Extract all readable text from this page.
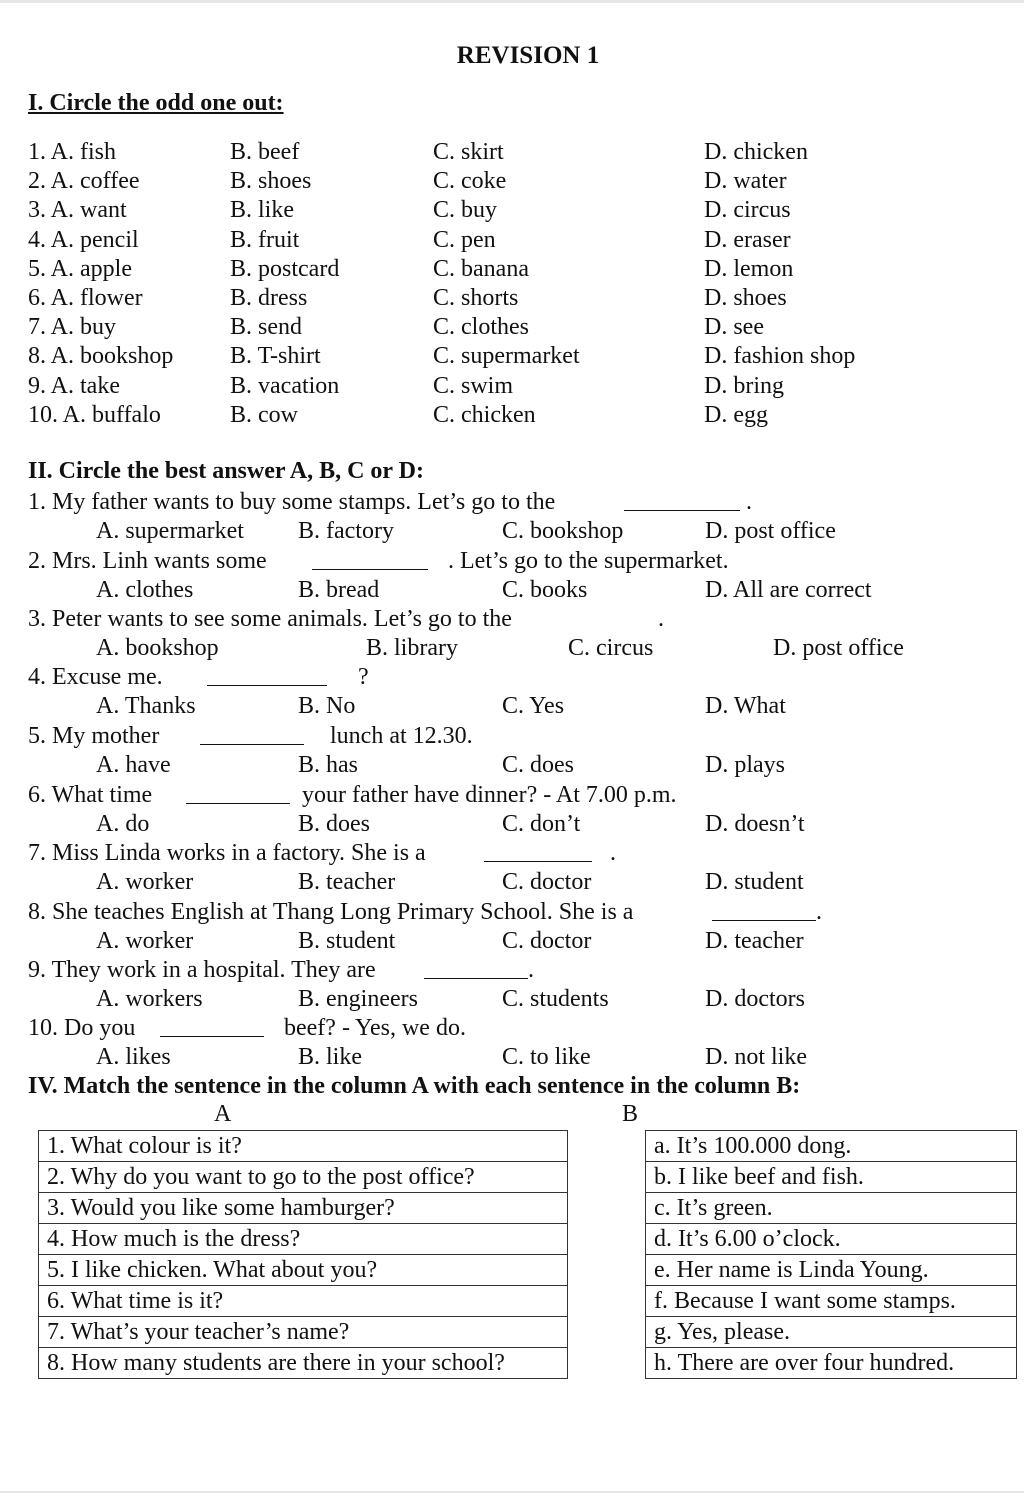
REVISION 1
I. Circle the odd one out:
1. A. fish	B. beef	C. skirt	D. chicken
2. A. coffee	B. shoes	C. coke	D. water
3. A. want	B. like	C. buy	D. circus
4. A. pencil	B. fruit	C. pen	D. eraser
5. A. apple	B. postcard	C. banana	D. lemon
6. A. flower	B. dress	C. shorts	D. shoes
7. A. buy	B. send	C. clothes	D. see
8. A. bookshop B. T-shirt	C. supermarket	D. fashion shop
9. A. take	B. vacation	C. swim	D. bring
10. A. buffalo	B. cow	C. chicken	D. egg
II. Circle the best answer A, B, C or D:
1. My father wants to buy some stamps. Let’s go to the	.
A. supermarket B. factory	C. bookshop	D. post office
2. Mrs. Linh wants some	. Let’s go to the supermarket.
A. clothes	B. bread	C. books	D. All are correct
3. Peter wants to see some animals. Let’s go to the	.
A. bookshop	B. library	C. circus	D. post office
4. Excuse me.	?
A. Thanks	B. No	C. Yes	D. What
5. My mother	lunch at 12.30.
A. have	B. has	C. does	D. plays
6. What time	your father have dinner? - At 7.00 p.m.
A. do	B. does	C. don’t	D. doesn’t
7. Miss Linda works in a factory. She is a	.
A. worker	B. teacher	C. doctor	D. student
8. She teaches English at Thang Long Primary School. She is a	.
A. worker	B. student	C. doctor	D. teacher
9. They work in a hospital. They are	.
A. workers	B. engineers	C. students	D. doctors
10. Do you	beef? - Yes, we do.
A. likes	B. like	C. to like	D. not like
IV. Match the sentence in the column A with each sentence in the column B:
A	B
1. What colour is it?
2. Why do you want to go to the post office?
3. Would you like some hamburger?
4. How much is the dress?
5. I like chicken. What about you?
6. What time is it?
7. What’s your teacher’s name?
8. How many students are there in your school?
a. It’s 100.000 dong.
b. I like beef and fish.
c. It’s green.
d. It’s 6.00 o’clock.
e. Her name is Linda Young.
f. Because I want some stamps.
g. Yes, please.
h. There are over four hundred.
